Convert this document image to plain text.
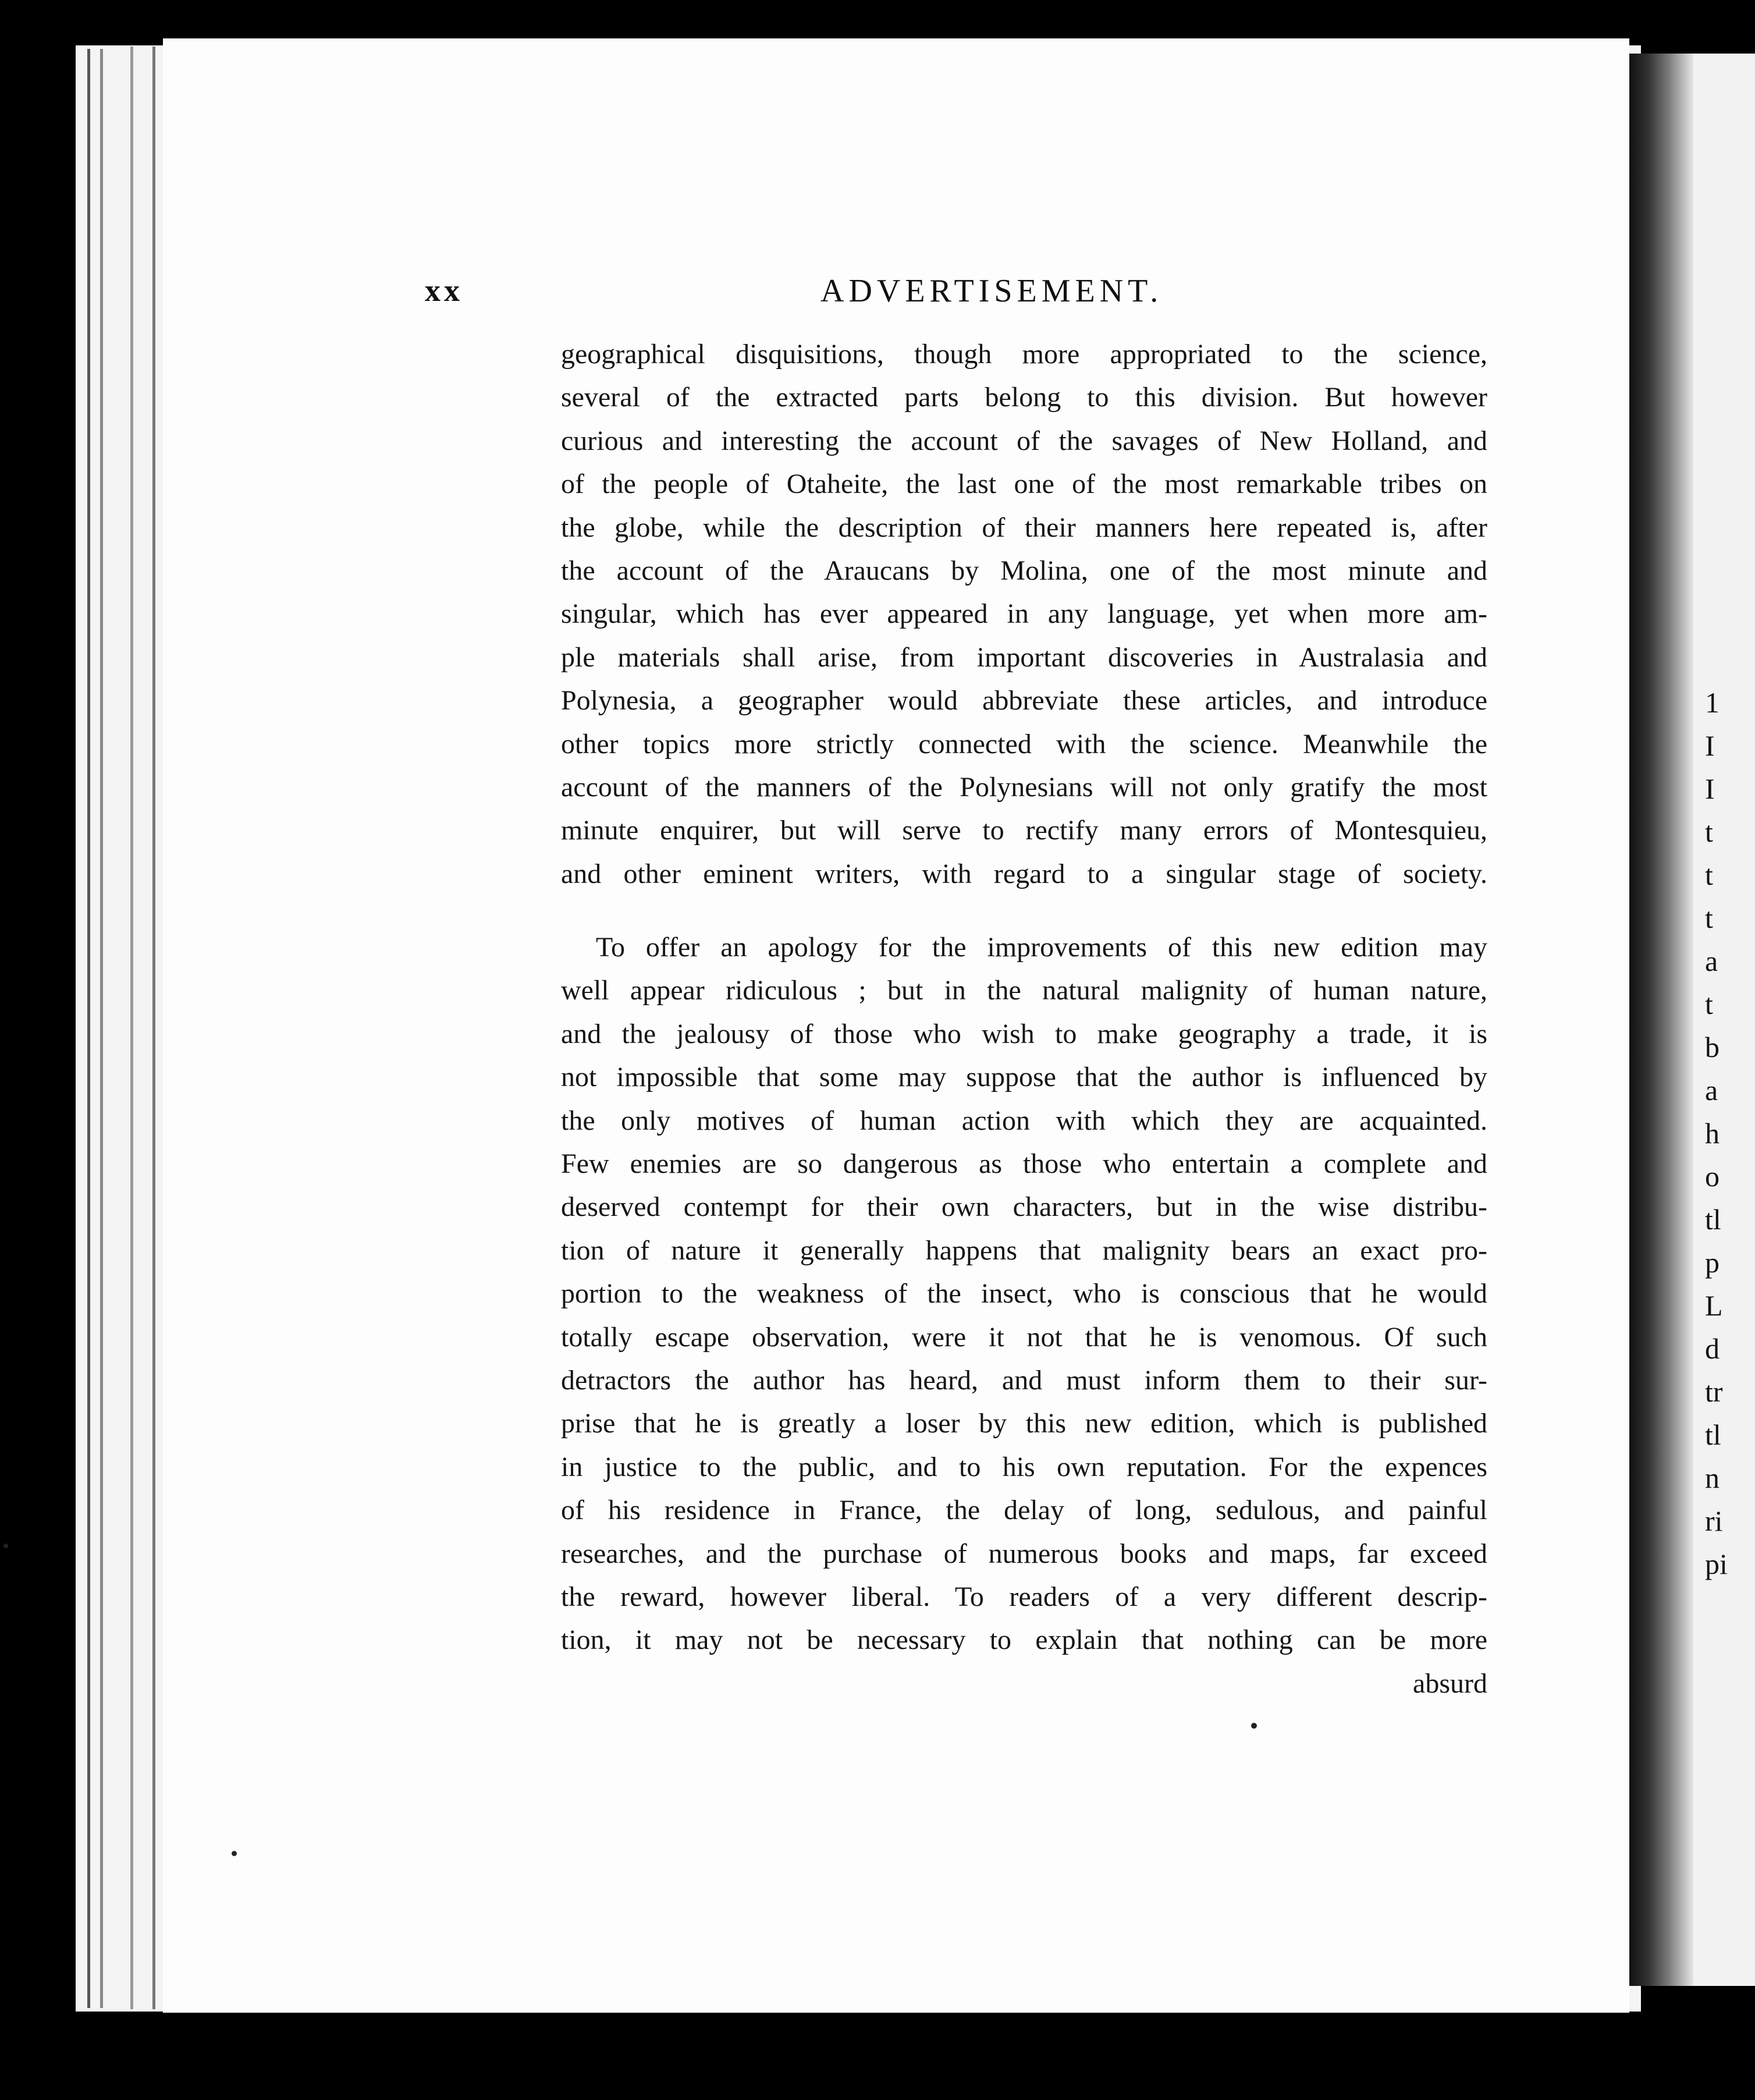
1
I
I
t
t
t
a
t
b
a
h
o
tl
p
L
d
tr
tl
n
ri
pi
xx	ADVERTISEMENT.
geographical disquisitions, though more appropriated to the science,
several of the extracted parts belong to this division. But however
curious and interesting the account of the savages of New Holland, and
of the people of Otaheite, the last one of the most remarkable tribes on
the globe, while the description of their manners here repeated is, after
the account of the Araucans by Molina, one of the most minute and
singular, which has ever appeared in any language, yet when more am-
ple materials shall arise, from important discoveries in Australasia and
Polynesia, a geographer would abbreviate these articles, and introduce
other topics more strictly connected with the science. Meanwhile the
account of the manners of the Polynesians will not only gratify the most
minute enquirer, but will serve to rectify many errors of Montesquieu,
and other eminent writers, with regard to a singular stage of society.
To offer an apology for the improvements of this new edition may
well appear ridiculous ; but in the natural malignity of human nature,
and the jealousy of those who wish to make geography a trade, it is
not impossible that some may suppose that the author is influenced by
the only motives of human action with which they are acquainted.
Few enemies are so dangerous as those who entertain a complete and
deserved contempt for their own characters, but in the wise distribu-
tion of nature it generally happens that malignity bears an exact pro-
portion to the weakness of the insect, who is conscious that he would
totally escape observation, were it not that he is venomous. Of such
detractors the author has heard, and must inform them to their sur-
prise that he is greatly a loser by this new edition, which is published
in justice to the public, and to his own reputation. For the expences
of his residence in France, the delay of long, sedulous, and painful
researches, and the purchase of numerous books and maps, far exceed
the reward, however liberal. To readers of a very different descrip-
tion, it may not be necessary to explain that nothing can be more
absurd
